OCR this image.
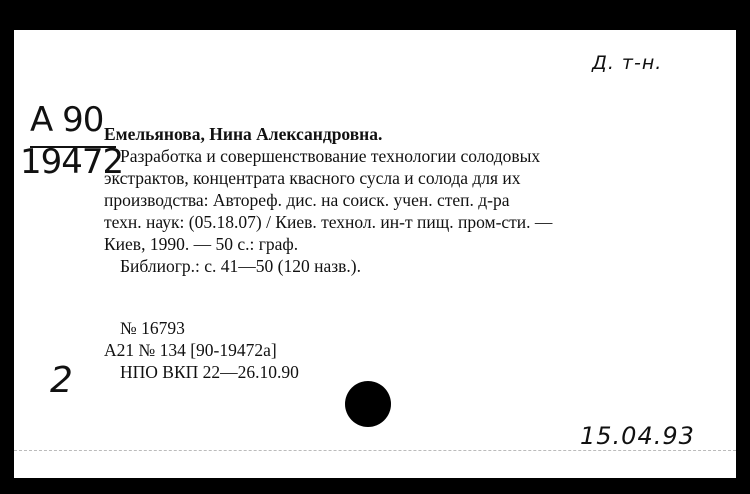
Д. т-н.
А 90
19472
Емельянова, Нина Александровна.
Разработка и совершенствование технологии солодовых
экстрактов, концентрата квасного сусла и солода для их
производства: Автореф. дис. на соиск. учен. степ. д-ра
техн. наук: (05.18.07) / Киев. технол. ин-т пищ. пром-сти. —
Киев, 1990. — 50 с.: граф.
Библиогр.: с. 41—50 (120 назв.).
№ 16793
А21 № 134 [90-19472а]
НПО ВКП 22—26.10.90
2
15.04.93
